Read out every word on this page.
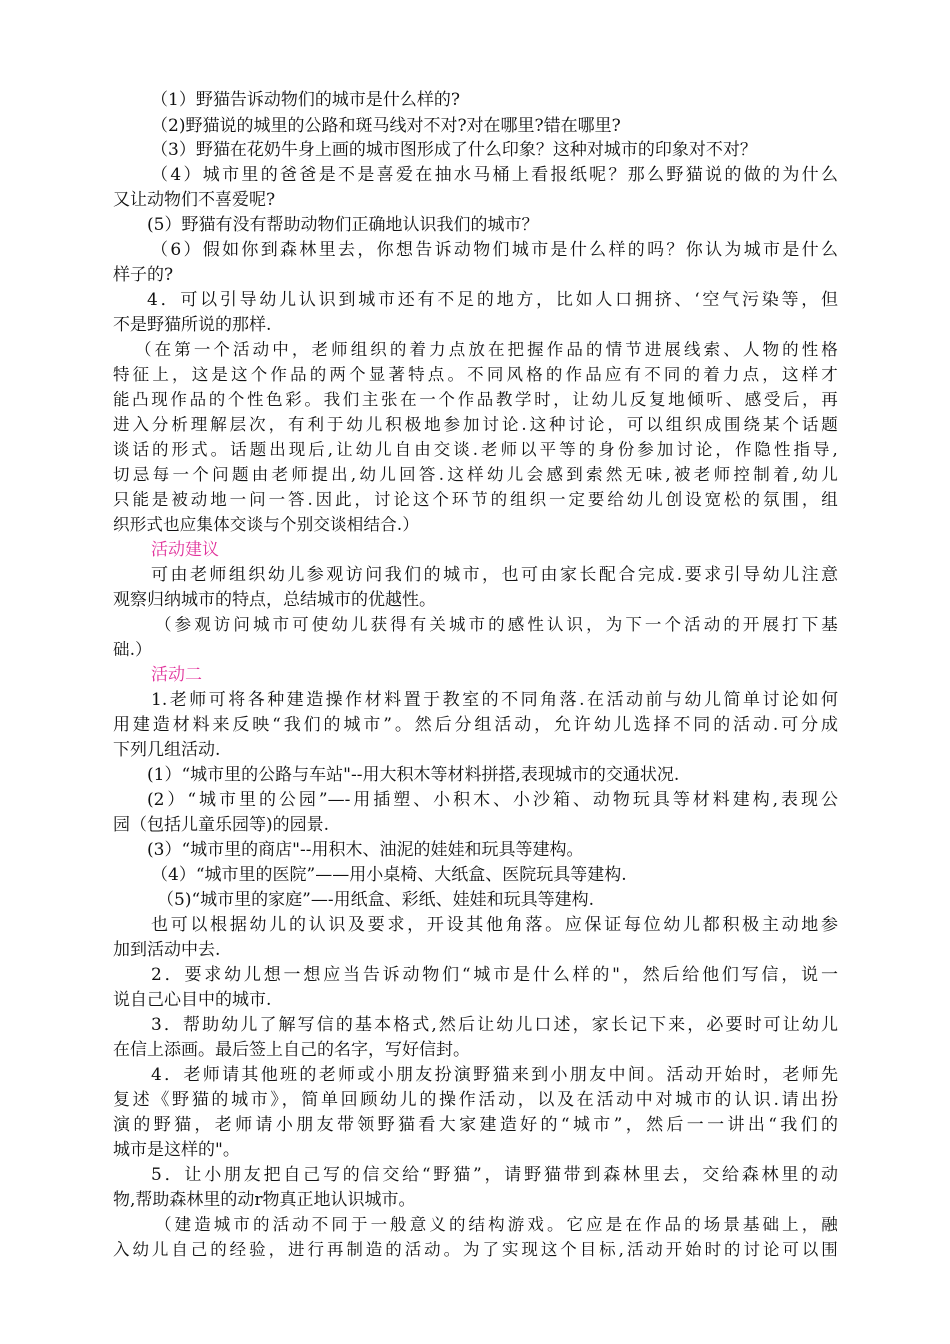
（1）野猫告诉动物们的城市是什么样的?
（2)野猫说的城里的公路和斑马线对不对?对在哪里?错在哪里?
（3）野猫在花奶牛身上画的城市图形成了什么印象？这种对城市的印象对不对？
（4）城市里的爸爸是不是喜爱在抽水马桶上看报纸呢？那么野猫说的做的为什么
又让动物们不喜爱呢?
(5）野猫有没有帮助动物们正确地认识我们的城市？
（6）假如你到森林里去，你想告诉动物们城市是什么样的吗？你认为城市是什么
样子的?
4．可以引导幼儿认识到城市还有不足的地方，比如人口拥挤、‘空气污染等，但
不是野猫所说的那样.
（在第一个活动中，老师组织的着力点放在把握作品的情节进展线索、人物的性格
特征上，这是这个作品的两个显著特点。不同风格的作品应有不同的着力点，这样才
能凸现作品的个性色彩。我们主张在一个作品教学时，让幼儿反复地倾听、感受后，再
进入分析理解层次，有利于幼儿积极地参加讨论.这种讨论，可以组织成围绕某个话题
谈话的形式。话题出现后,让幼儿自由交谈.老师以平等的身份参加讨论，作隐性指导,
切忌每一个问题由老师提出,幼儿回答.这样幼儿会感到索然无味,被老师控制着,幼儿
只能是被动地一问一答.因此，讨论这个环节的组织一定要给幼儿创设宽松的氛围，组
织形式也应集体交谈与个别交谈相结合.）
活动建议
可由老师组织幼儿参观访问我们的城市，也可由家长配合完成.要求引导幼儿注意
观察归纳城市的特点，总结城市的优越性。
（参观访问城市可使幼儿获得有关城市的感性认识，为下一个活动的开展打下基
础.）
活动二
1.老师可将各种建造操作材料置于教室的不同角落.在活动前与幼儿简单讨论如何
用建造材料来反映“我们的城市”。然后分组活动，允许幼儿选择不同的活动.可分成
下列几组活动.
(1）“城市里的公路与车站"--用大积木等材料拼搭,表现城市的交通状况.
(2）“城市里的公园”—-用插塑、小积木、小沙箱、动物玩具等材料建构,表现公
园（包括儿童乐园等)的园景.
(3）“城市里的商店"--用积木、油泥的娃娃和玩具等建构。
（4）“城市里的医院”——用小桌椅、大纸盒、医院玩具等建构.
（5)“城市里的家庭”—-用纸盒、彩纸、娃娃和玩具等建构.
也可以根据幼儿的认识及要求，开设其他角落。应保证每位幼儿都积极主动地参
加到活动中去.
2．要求幼儿想一想应当告诉动物们“城市是什么样的"，然后给他们写信，说一
说自己心目中的城市.
3．帮助幼儿了解写信的基本格式,然后让幼儿口述，家长记下来，必要时可让幼儿
在信上添画。最后签上自己的名字，写好信封。
4．老师请其他班的老师或小朋友扮演野猫来到小朋友中间。活动开始时，老师先
复述《野猫的城市》，简单回顾幼儿的操作活动，以及在活动中对城市的认识.请出扮
演的野猫，老师请小朋友带领野猫看大家建造好的“城市”，然后一一讲出“我们的
城市是这样的"。
5．让小朋友把自己写的信交给“野猫”，请野猫带到森林里去，交给森林里的动
物,帮助森林里的动r物真正地认识城市。
（建造城市的活动不同于一般意义的结构游戏。它应是在作品的场景基础上，融
入幼儿自己的经验，进行再制造的活动。为了实现这个目标,活动开始时的讨论可以围
